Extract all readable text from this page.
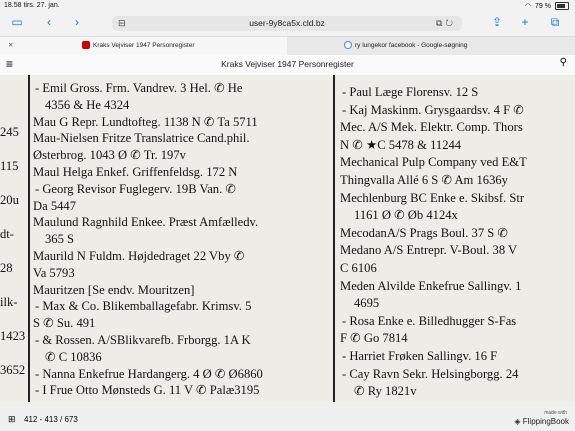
18.58 tirs. 27. jan.	◠ 79 %
▭	‹	›	⊟	user-9y8ca5x.cld.bz	⧉↻	⇪ + ⧉
✕	Kraks Vejviser 1947 Personregister	ry lungekor facebook - Google-søgning
≡	Kraks Vejviser 1947 Personregister	⚲
245
115
20u
dt-
28
ilk-
1423
3652
- Emil Gross. Frm. Vandrev. 3 Hel. ✆ He
4356 & He 4324
Mau G Repr. Lundtofteg. 1138 N ✆ Ta 5711
Mau-Nielsen Fritze Translatrice Cand.phil.
Østerbrog. 1043 Ø ✆ Tr. 197v
Maul Helga Enkef. Griffenfeldsg. 172 N
- Georg Revisor Fuglegerv. 19B Van. ✆
Da 5447
Maulund Ragnhild Enkee. Præst Amfælledv.
365 S
Maurild N Fuldm. Højdedraget 22 Vby ✆
Va 5793
Mauritzen [Se endv. Mouritzen]
- Max & Co. Blikemballagefabr. Krimsv. 5
S ✆ Su. 491
- & Rossen. A/SBlikvarefb. Frborgg. 1A K
✆ C 10836
- Nanna Enkefrue Hardangerg. 4 Ø ✆ Ø6860
- I Frue Otto Mønsteds G. 11 V ✆ Palæ3195
- Paul Læge Florensv. 12 S
- Kaj Maskinm. Grysgaardsv. 4 F ✆
Mec. A/S Mek. Elektr. Comp. Thors
N ✆ ★C 5478 & 11244
Mechanical Pulp Company ved E&T
Thingvalla Allé 6 S ✆ Am 1636y
Mechlenburg BC Enke e. Skibsf. Str
1161 Ø ✆ Øb 4124x
MecodanA/S Prags Boul. 37 S ✆
Medano A/S Entrepr. V-Boul. 38 V
C 6106
Meden Alvilde Enkefrue Sallingv. 1
4695
- Rosa Enke e. Billedhugger S-Fas
F ✆ Go 7814
- Harriet Frøken Sallingv. 16 F
- Cay Ravn Sekr. Helsingborgg. 24
✆ Ry 1821v
⊞ 412 - 413 / 673
made with
◈ FlippingBook
